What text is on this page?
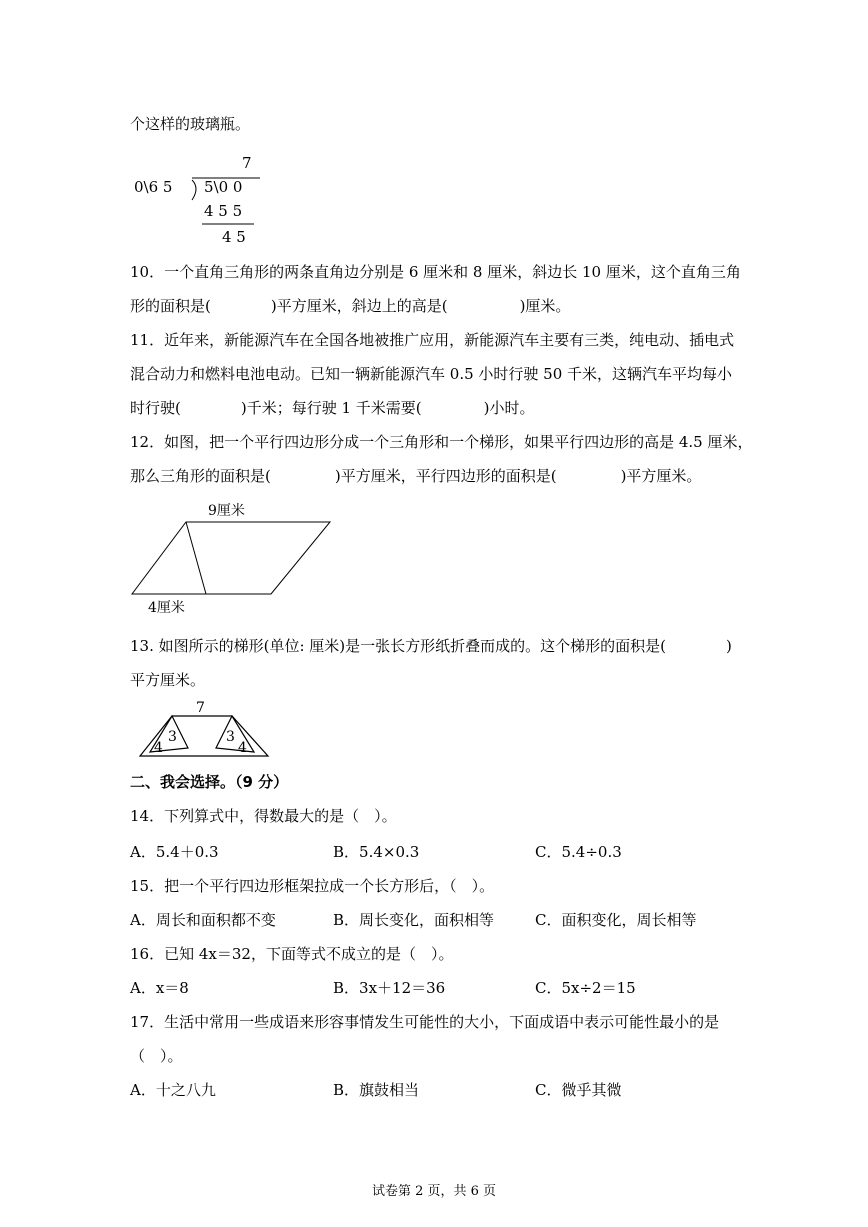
个这样的玻璃瓶。
7
0\6 5 5\0 0
4 5 5
4 5
10．一个直角三角形的两条直角边分别是 6 厘米和 8 厘米，斜边长 10 厘米，这个直角三角
形的面积是(	)平方厘米，斜边上的高是(	)厘米。
11．近年来，新能源汽车在全国各地被推广应用，新能源汽车主要有三类，纯电动、插电式
混合动力和燃料电池电动。已知一辆新能源汽车 0.5 小时行驶 50 千米，这辆汽车平均每小
时行驶(	)千米；每行驶 1 千米需要(	)小时。
12．如图，把一个平行四边形分成一个三角形和一个梯形，如果平行四边形的高是 4.5 厘米，
那么三角形的面积是(	)平方厘米，平行四边形的面积是(	)平方厘米。
9厘米
4厘米
13. 如图所示的梯形(单位: 厘米)是一张长方形纸折叠而成的。这个梯形的面积是(	)
平方厘米。
7
3
4
3
4
二、我会选择。（9 分）
14．下列算式中，得数最大的是（　）。
A．5.4＋0.3	B．5.4×0.3	C．5.4÷0.3
15．把一个平行四边形框架拉成一个长方形后，（　）。
A．周长和面积都不变	B．周长变化，面积相等	C．面积变化，周长相等
16．已知 4x＝32，下面等式不成立的是（　）。
A．x＝8	B．3x＋12＝36	C．5x÷2＝15
17．生活中常用一些成语来形容事情发生可能性的大小，下面成语中表示可能性最小的是
（　）。
A．十之八九	B．旗鼓相当	C．微乎其微
试卷第 2 页，共 6 页
